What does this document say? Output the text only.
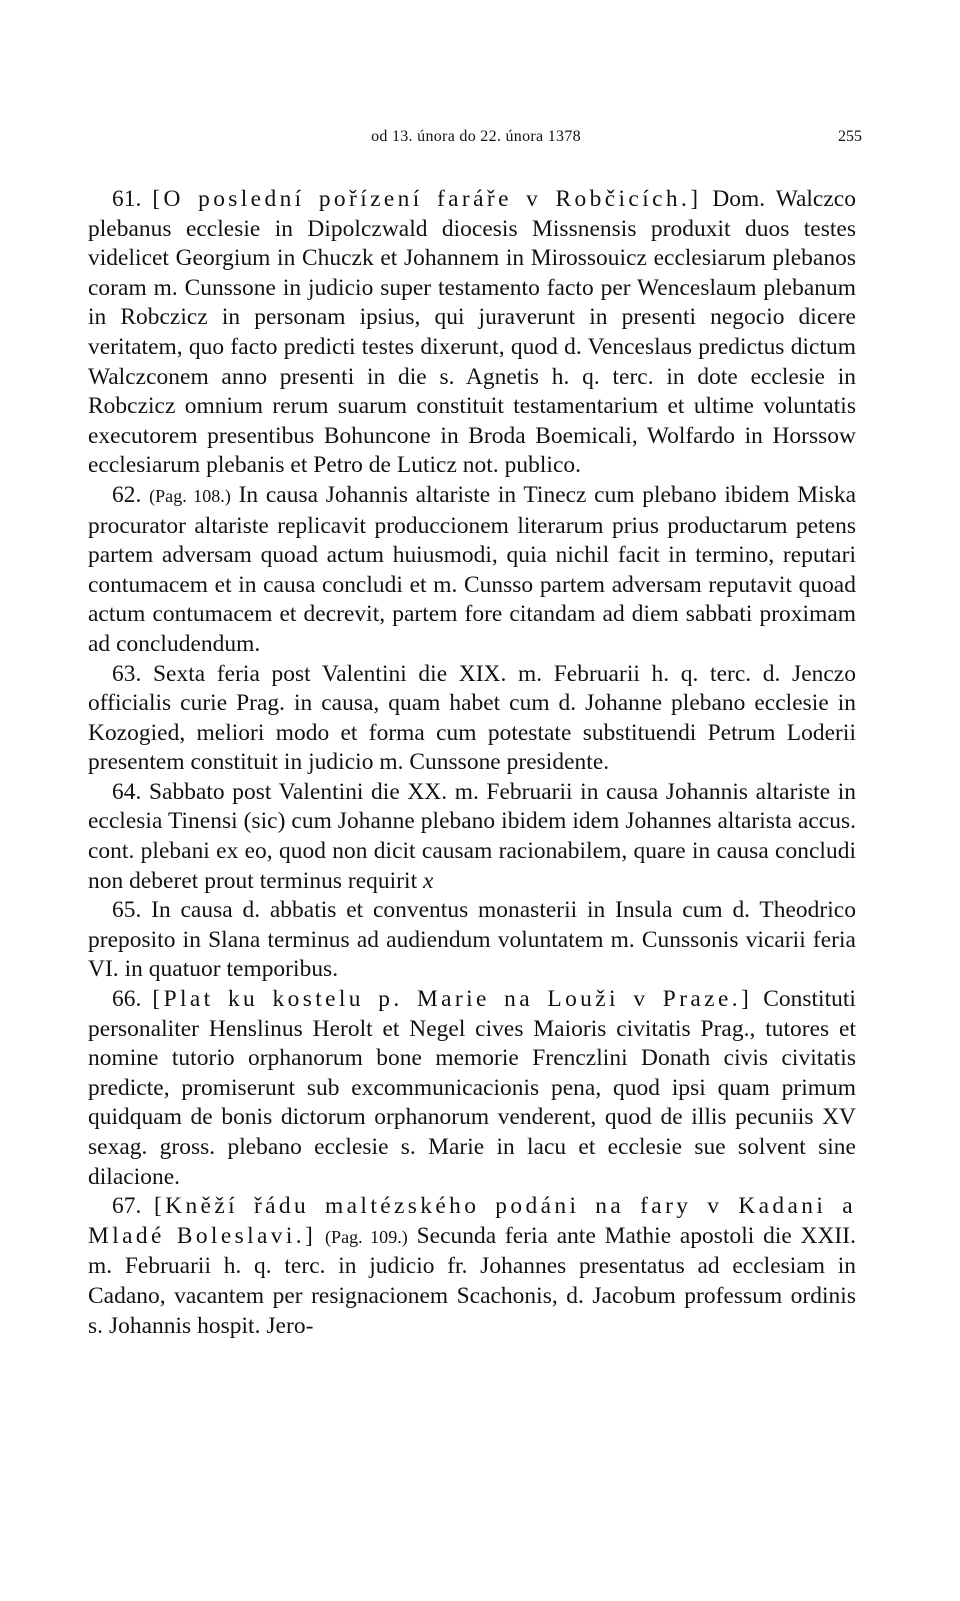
od 13. února do 22. února 1378	255

61. [O poslední pořízení faráře v Robčicích.] Dom. Walczco plebanus ecclesie in Dipolczwald diocesis Missnensis produxit duos testes videlicet Georgium in Chuczk et Johannem in Mirossouicz ecclesiarum plebanos coram m. Cunssone in judicio super testamento facto per Wenceslaum plebanum in Robczicz in personam ipsius, qui juraverunt in presenti negocio dicere veritatem, quo facto predicti testes dixerunt, quod d. Venceslaus predictus dictum Walczconem anno presenti in die s. Agnetis h. q. terc. in dote ecclesie in Robczicz omnium rerum suarum constituit testamentarium et ultime voluntatis executorem presentibus Bohuncone in Broda Boemicali, Wolfardo in Horssow ecclesiarum plebanis et Petro de Luticz not. publico.

62. (Pag. 108.) In causa Johannis altariste in Tinecz cum plebano ibidem Miska procurator altariste replicavit produccionem literarum prius productarum petens partem adversam quoad actum huiusmodi, quia nichil facit in termino, reputari contumacem et in causa concludi et m. Cunsso partem adversam reputavit quoad actum contumacem et decrevit, partem fore citandam ad diem sabbati proximam ad concludendum.

63. Sexta feria post Valentini die XIX. m. Februarii h. q. terc. d. Jenczo officialis curie Prag. in causa, quam habet cum d. Johanne plebano ecclesie in Kozogied, meliori modo et forma cum potestate substituendi Petrum Loderii presentem constituit in judicio m. Cunssone presidente.

64. Sabbato post Valentini die XX. m. Februarii in causa Johannis altariste in ecclesia Tinensi (sic) cum Johanne plebano ibidem idem Johannes altarista accus. cont. plebani ex eo, quod non dicit causam racionabilem, quare in causa concludi non deberet prout terminus requirit x

65. In causa d. abbatis et conventus monasterii in Insula cum d. Theodrico preposito in Slana terminus ad audiendum voluntatem m. Cunssonis vicarii feria VI. in quatuor temporibus.

66. [Plat ku kostelu p. Marie na Louži v Praze.] Constituti personaliter Henslinus Herolt et Negel cives Maioris civitatis Prag., tutores et nomine tutorio orphanorum bone memorie Frenczlini Donath civis civitatis predicte, promiserunt sub excommunicacionis pena, quod ipsi quam primum quidquam de bonis dictorum orphanorum venderent, quod de illis pecuniis XV sexag. gross. plebano ecclesie s. Marie in lacu et ecclesie sue solvent sine dilacione.

67. [Kněží řádu maltézského podáni na fary v Kadani a Mladé Boleslavi.] (Pag. 109.) Secunda feria ante Mathie apostoli die XXII. m. Februarii h. q. terc. in judicio fr. Johannes presentatus ad ecclesiam in Cadano, vacantem per resignacionem Scachonis, d. Jacobum professum ordinis s. Johannis hospit. Jero-
